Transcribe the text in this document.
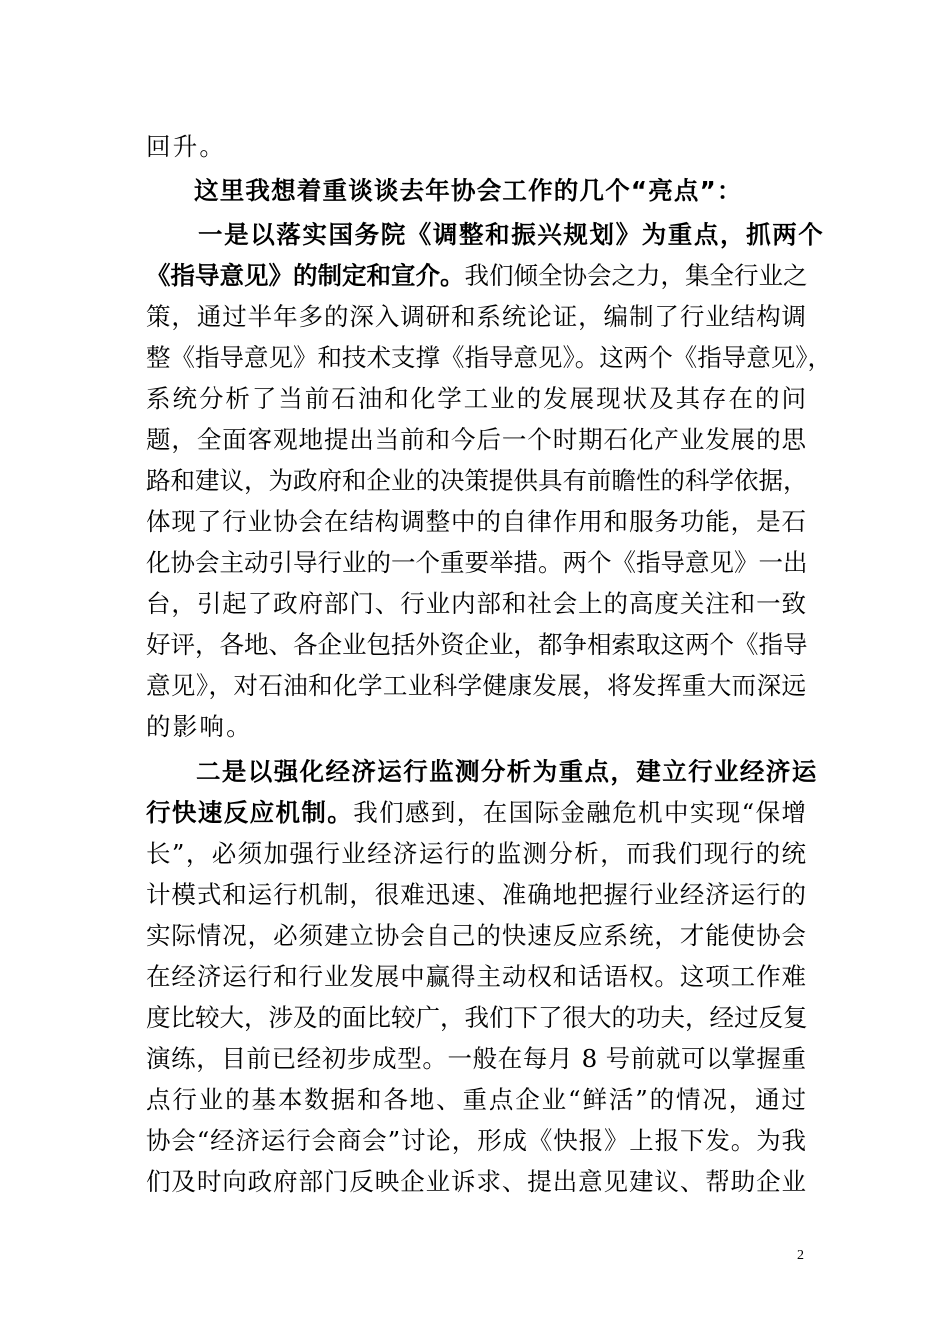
回升。
这里我想着重谈谈去年协会工作的几个“亮点”：
一是以落实国务院《调整和振兴规划》为重点，抓两个
《指导意见》的制定和宣介。我们倾全协会之力，集全行业之
策，通过半年多的深入调研和系统论证，编制了行业结构调
整《指导意见》和技术支撑《指导意见》。这两个《指导意见》，
系统分析了当前石油和化学工业的发展现状及其存在的问
题，全面客观地提出当前和今后一个时期石化产业发展的思
路和建议，为政府和企业的决策提供具有前瞻性的科学依据，
体现了行业协会在结构调整中的自律作用和服务功能，是石
化协会主动引导行业的一个重要举措。两个《指导意见》一出
台，引起了政府部门、行业内部和社会上的高度关注和一致
好评，各地、各企业包括外资企业，都争相索取这两个《指导
意见》，对石油和化学工业科学健康发展，将发挥重大而深远
的影响。
二是以强化经济运行监测分析为重点，建立行业经济运
行快速反应机制。我们感到，在国际金融危机中实现“保增
长”，必须加强行业经济运行的监测分析，而我们现行的统
计模式和运行机制，很难迅速、准确地把握行业经济运行的
实际情况，必须建立协会自己的快速反应系统，才能使协会
在经济运行和行业发展中赢得主动权和话语权。这项工作难
度比较大，涉及的面比较广，我们下了很大的功夫，经过反复
演练，目前已经初步成型。一般在每月 8 号前就可以掌握重
点行业的基本数据和各地、重点企业“鲜活”的情况，通过
协会“经济运行会商会”讨论，形成《快报》上报下发。为我
们及时向政府部门反映企业诉求、提出意见建议、帮助企业
2
